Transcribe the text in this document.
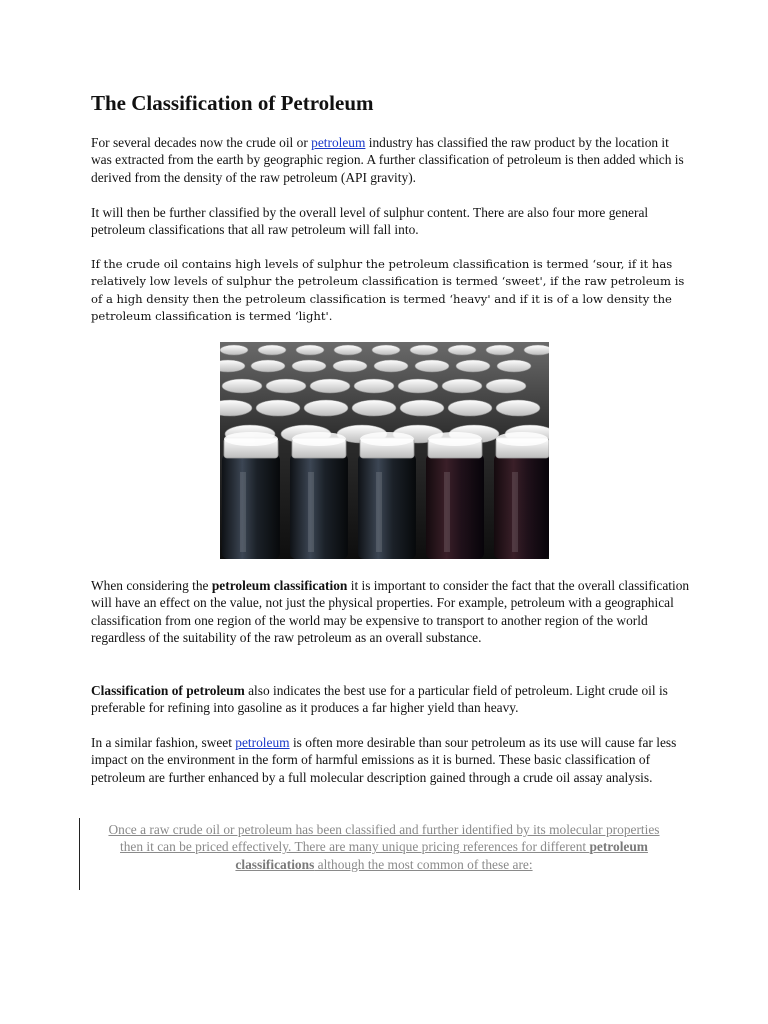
The Classification of Petroleum

For several decades now the crude oil or petroleum industry has classified the raw product by the location it was extracted from the earth by geographic region. A further classification of petroleum is then added which is derived from the density of the raw petroleum (API gravity).

It will then be further classified by the overall level of sulphur content. There are also four more general petroleum classifications that all raw petroleum will fall into.

If the crude oil contains high levels of sulphur the petroleum classification is termed ‘sour, if it has relatively low levels of sulphur the petroleum classification is termed ‘sweet', if the raw petroleum is of a high density then the petroleum classification is termed ‘heavy' and if it is of a low density the petroleum classification is termed ‘light'.

When considering the petroleum classification it is important to consider the fact that the overall classification will have an effect on the value, not just the physical properties. For example, petroleum with a geographical classification from one region of the world may be expensive to transport to another region of the world regardless of the suitability of the raw petroleum as an overall substance.

Classification of petroleum also indicates the best use for a particular field of petroleum. Light crude oil is preferable for refining into gasoline as it produces a far higher yield than heavy.

In a similar fashion, sweet petroleum is often more desirable than sour petroleum as its use will cause far less impact on the environment in the form of harmful emissions as it is burned. These basic classification of petroleum are further enhanced by a full molecular description gained through a crude oil assay analysis.

Once a raw crude oil or petroleum has been classified and further identified by its molecular properties then it can be priced effectively. There are many unique pricing references for different petroleum classifications although the most common of these are:
